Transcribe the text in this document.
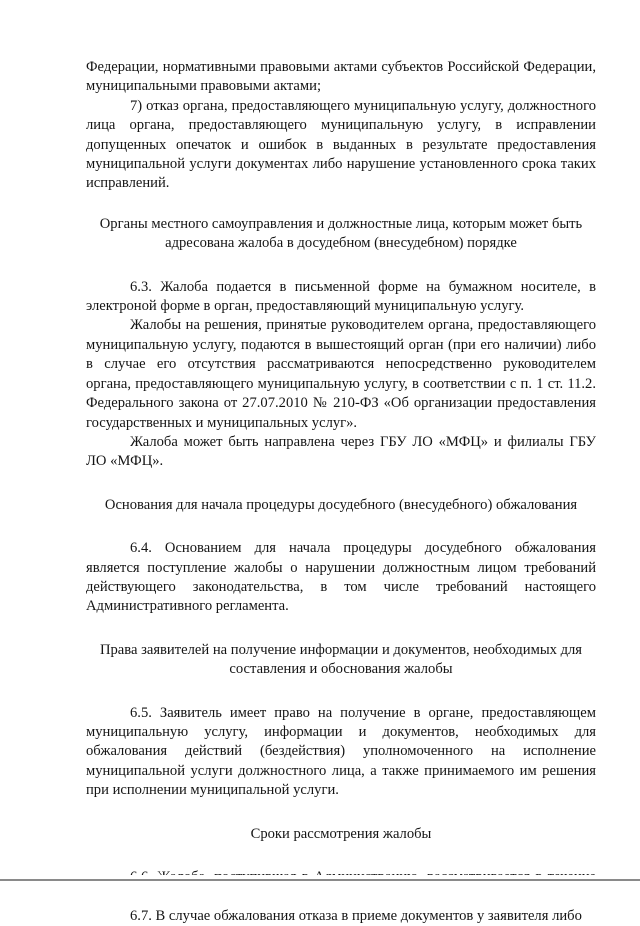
Федерации, нормативными правовыми актами субъектов Российской Федерации, муниципальными правовыми актами;

7) отказ органа, предоставляющего муниципальную услугу, должностного лица органа, предоставляющего муниципальную услугу, в исправлении допущенных опечаток и ошибок в выданных в результате предоставления муниципальной услуги документах либо нарушение установленного срока таких исправлений.

Органы местного самоуправления и должностные лица, которым может быть адресована жалоба в досудебном (внесудебном) порядке

6.3. Жалоба подается в письменной форме на бумажном носителе, в электроной форме в орган, предоставляющий муниципальную услугу.

Жалобы на решения, принятые руководителем органа, предоставляющего муниципальную услугу, подаются в вышестоящий орган (при его наличии) либо в случае его отсутствия рассматриваются непосредственно руководителем органа, предоставляющего муниципальную услугу, в соответствии с п. 1 ст. 11.2. Федерального закона от 27.07.2010 № 210-ФЗ «Об организации предоставления государственных и муниципальных услуг».

Жалоба может быть направлена через ГБУ ЛО «МФЦ» и филиалы ГБУ ЛО «МФЦ».

Основания для начала процедуры досудебного (внесудебного) обжалования

6.4. Основанием для начала процедуры досудебного обжалования является поступление жалобы о нарушении должностным лицом требований действующего законодательства, в том числе требований настоящего Административного регламента.

Права заявителей на получение информации и документов, необходимых для составления и обоснования жалобы

6.5. Заявитель имеет право на получение в органе, предоставляющем муниципальную услугу, информации и документов, необходимых для обжалования действий (бездействия) уполномоченного на исполнение муниципальной услуги должностного лица, а также принимаемого им решения при исполнении муниципальной услуги.

Сроки рассмотрения жалобы

6.7. В случае обжалования отказа в приеме документов у заявителя либо
